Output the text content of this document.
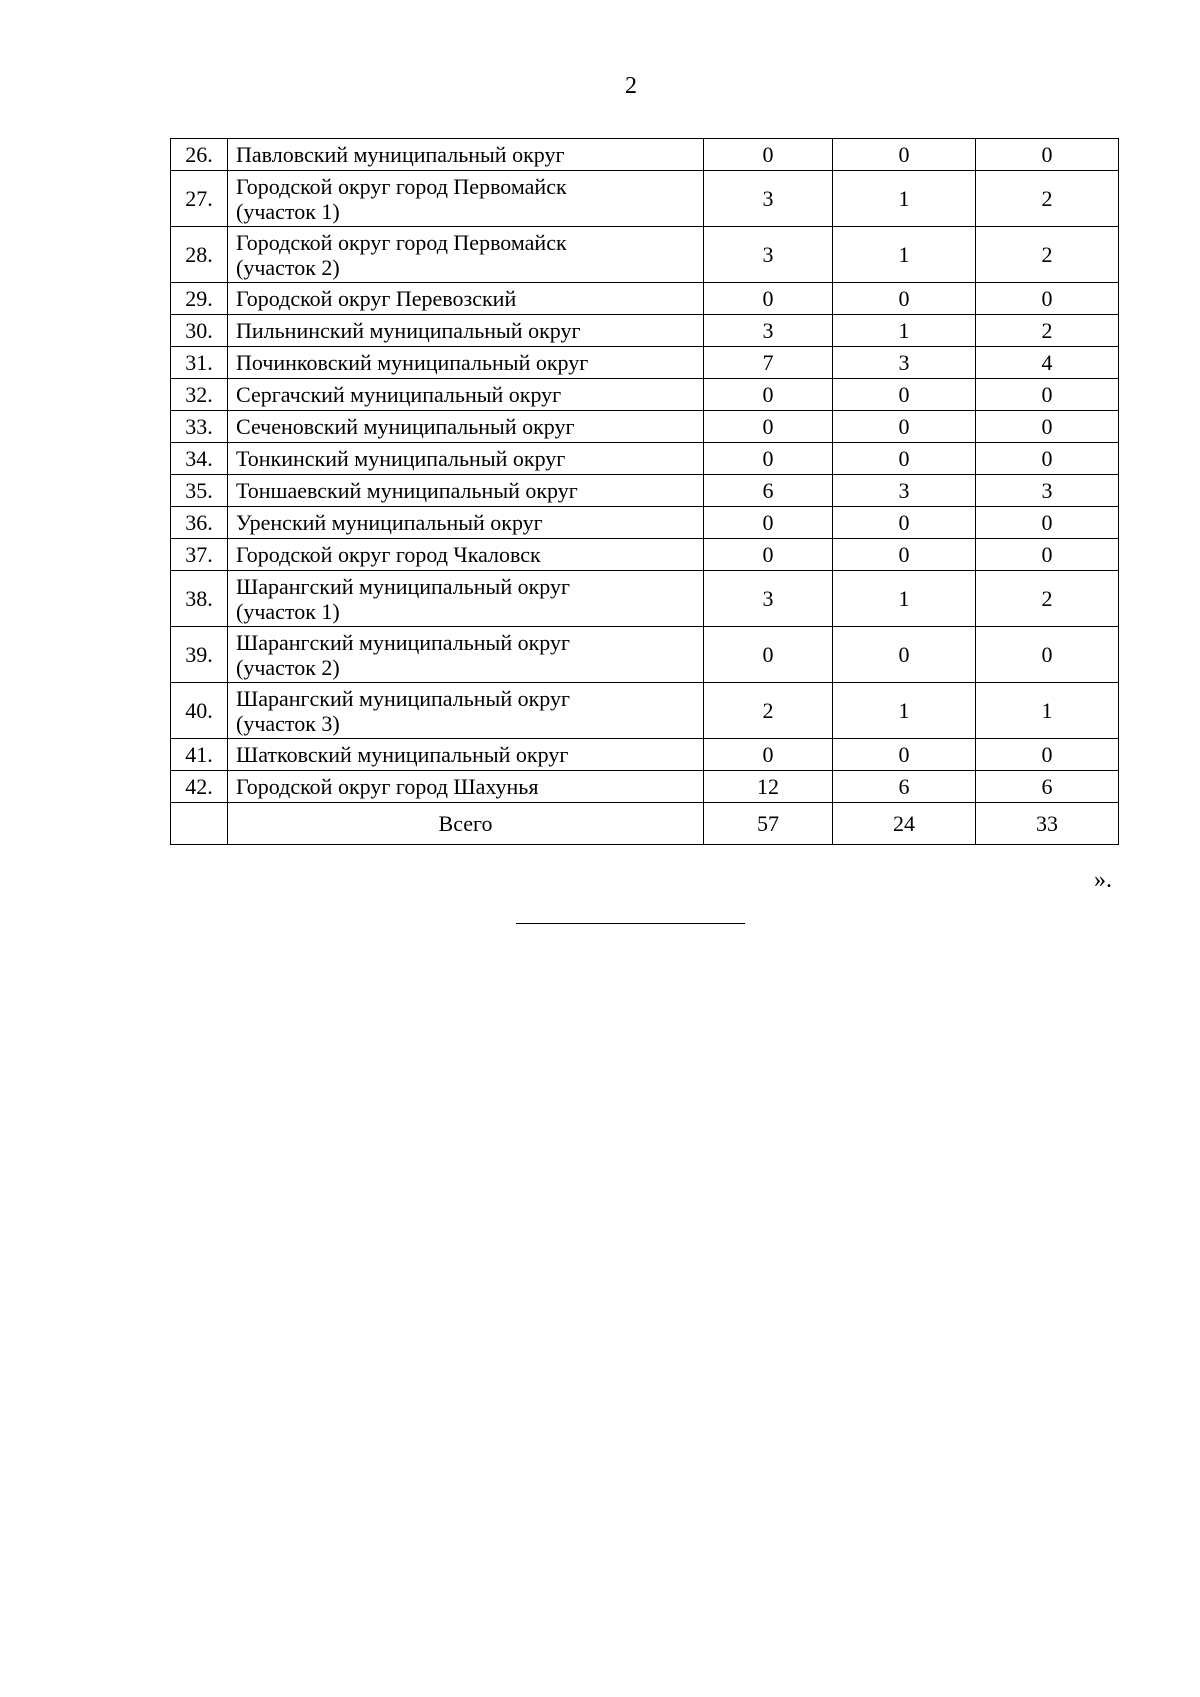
2
26.	Павловский муниципальный округ	0	0	0
27.	Городской округ город Первомайск
(участок 1)	3	1	2
28.	Городской округ город Первомайск
(участок 2)	3	1	2
29.	Городской округ Перевозский	0	0	0
30.	Пильнинский муниципальный округ	3	1	2
31.	Починковский муниципальный округ	7	3	4
32.	Сергачский муниципальный округ	0	0	0
33.	Сеченовский муниципальный округ	0	0	0
34.	Тонкинский муниципальный округ	0	0	0
35.	Тоншаевский муниципальный округ	6	3	3
36.	Уренский муниципальный округ	0	0	0
37.	Городской округ город Чкаловск	0	0	0
38.	Шарангский муниципальный округ
(участок 1)	3	1	2
39.	Шарангский муниципальный округ
(участок 2)	0	0	0
40.	Шарангский муниципальный округ
(участок 3)	2	1	1
41.	Шатковский муниципальный округ	0	0	0
42.	Городской округ город Шахунья	12	6	6
	Всего	57	24	33
».
